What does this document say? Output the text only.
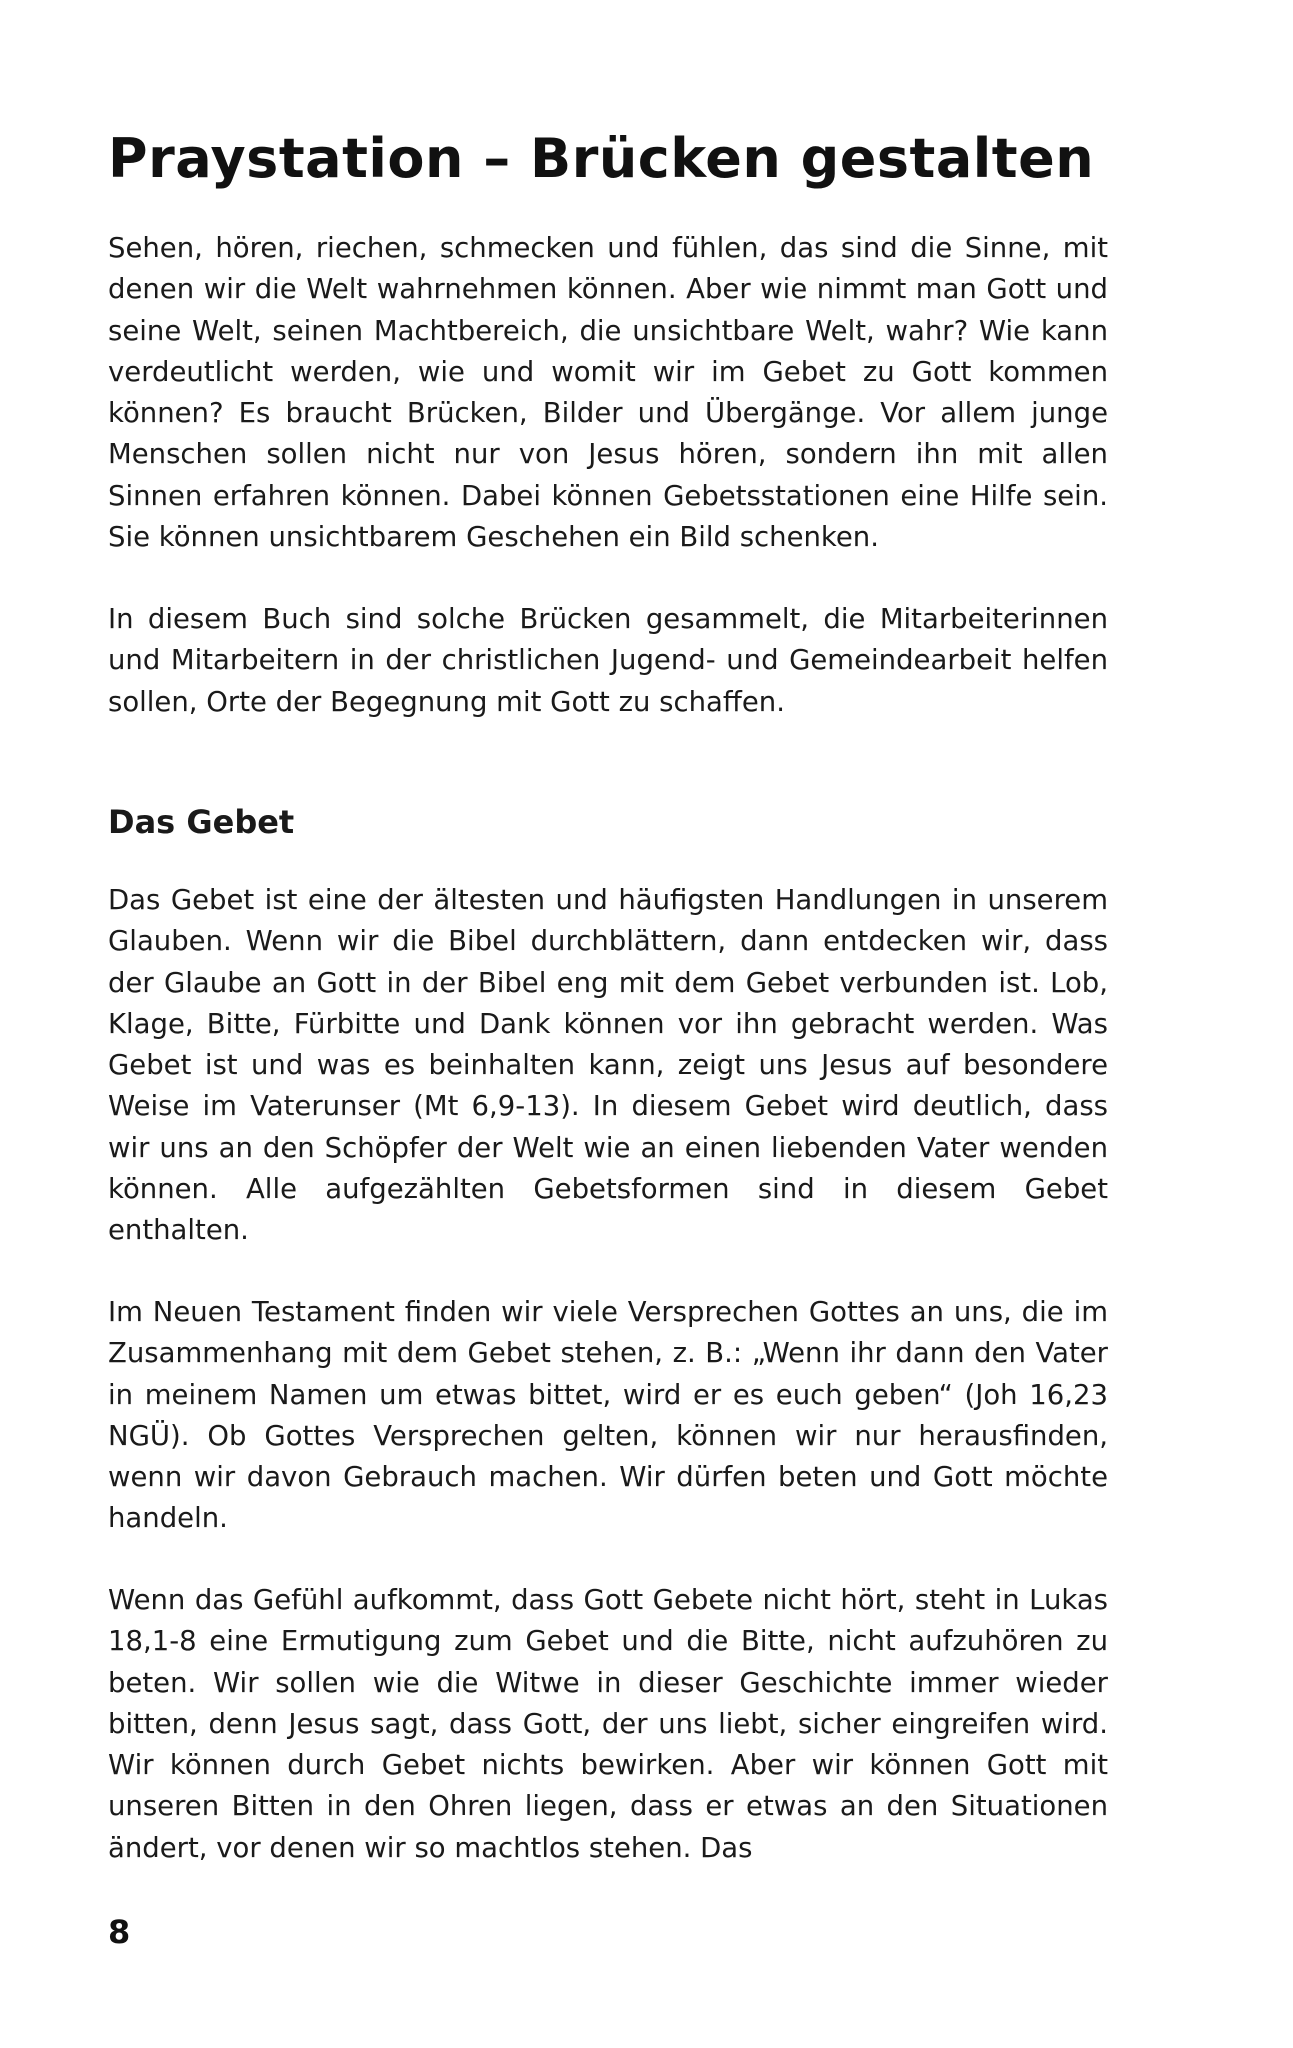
Praystation – Brücken gestalten

Sehen, hören, riechen, schmecken und fühlen, das sind die Sinne, mit denen wir die Welt wahrnehmen können. Aber wie nimmt man Gott und seine Welt, seinen Machtbereich, die unsichtbare Welt, wahr? Wie kann verdeutlicht werden, wie und womit wir im Gebet zu Gott kommen können? Es braucht Brücken, Bilder und Übergänge. Vor allem junge Menschen sollen nicht nur von Jesus hören, sondern ihn mit allen Sinnen erfahren können. Dabei können Gebetsstationen eine Hilfe sein. Sie können unsichtbarem Geschehen ein Bild schenken.

In diesem Buch sind solche Brücken gesammelt, die Mitarbeiterinnen und Mitarbeitern in der christlichen Jugend- und Gemeindearbeit helfen sollen, Orte der Begegnung mit Gott zu schaffen.

Das Gebet

Das Gebet ist eine der ältesten und häufigsten Handlungen in unserem Glauben. Wenn wir die Bibel durchblättern, dann entdecken wir, dass der Glaube an Gott in der Bibel eng mit dem Gebet verbunden ist. Lob, Klage, Bitte, Fürbitte und Dank können vor ihn gebracht werden. Was Gebet ist und was es beinhalten kann, zeigt uns Jesus auf besondere Weise im Vaterunser (Mt 6,9-13). In diesem Gebet wird deutlich, dass wir uns an den Schöpfer der Welt wie an einen liebenden Vater wenden können. Alle aufgezählten Gebetsformen sind in diesem Gebet enthalten.

Im Neuen Testament finden wir viele Versprechen Gottes an uns, die im Zusammenhang mit dem Gebet stehen, z. B.: „Wenn ihr dann den Vater in meinem Namen um etwas bittet, wird er es euch geben“ (Joh 16,23 NGÜ). Ob Gottes Versprechen gelten, können wir nur herausfinden, wenn wir davon Gebrauch machen. Wir dürfen beten und Gott möchte handeln.

Wenn das Gefühl aufkommt, dass Gott Gebete nicht hört, steht in Lukas 18,1-8 eine Ermutigung zum Gebet und die Bitte, nicht aufzuhören zu beten. Wir sollen wie die Witwe in dieser Geschichte immer wieder bitten, denn Jesus sagt, dass Gott, der uns liebt, sicher eingreifen wird. Wir können durch Gebet nichts bewirken. Aber wir können Gott mit unseren Bitten in den Ohren liegen, dass er etwas an den Situationen ändert, vor denen wir so machtlos stehen. Das

8
